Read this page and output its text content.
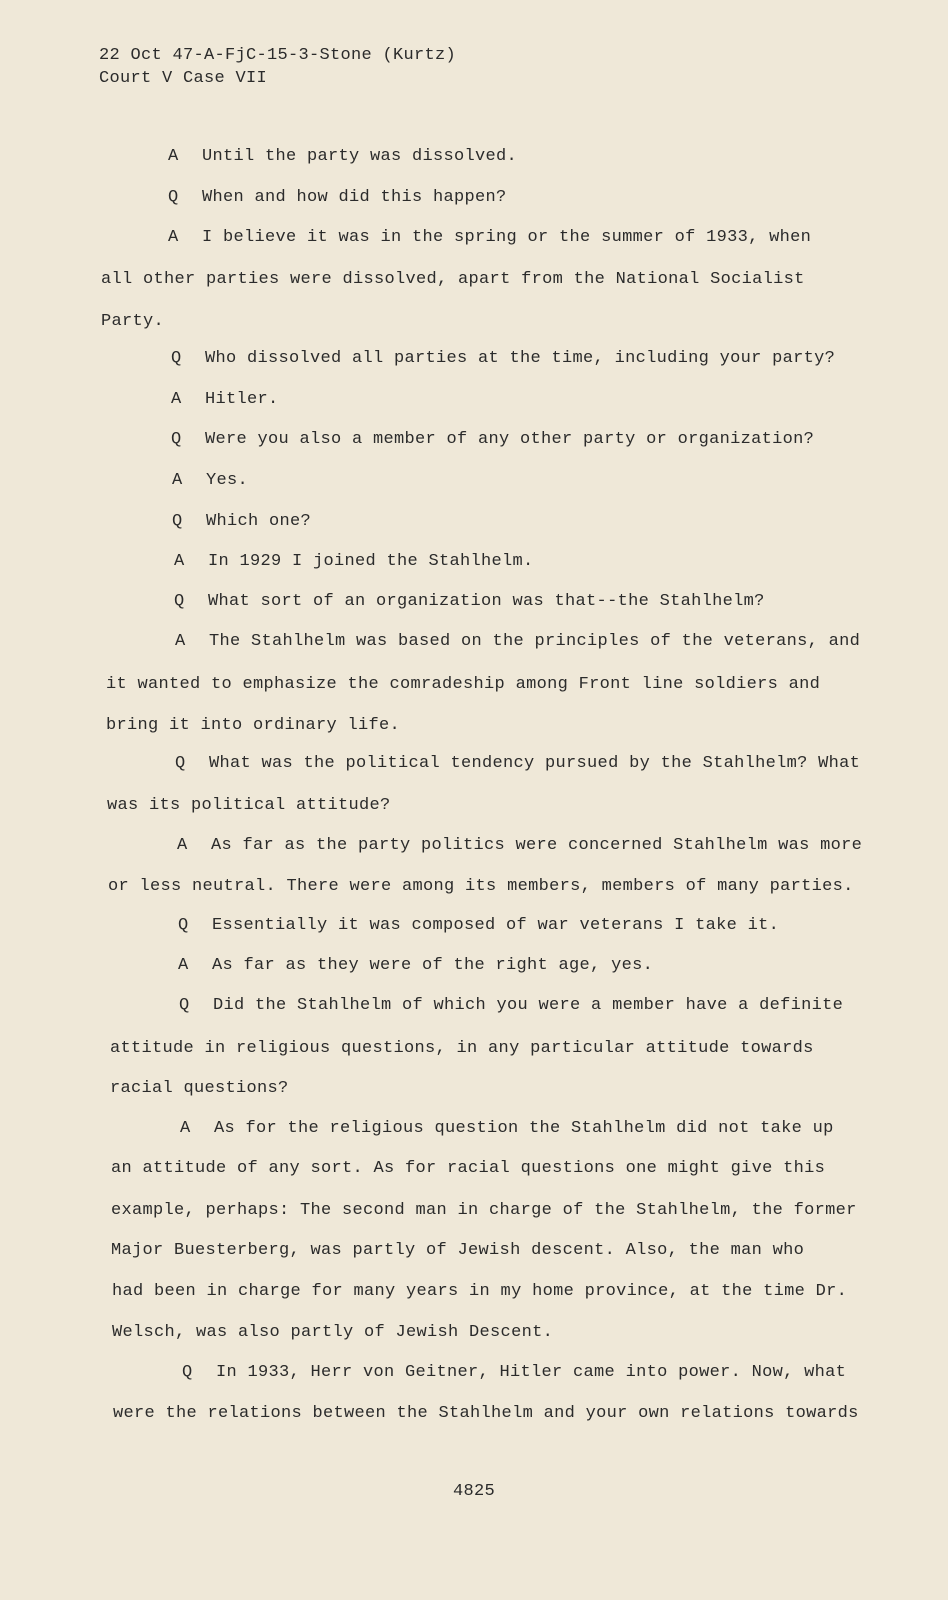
22 Oct 47-A-FjC-15-3-Stone (Kurtz)
Court V Case VII
A Until the party was dissolved.
Q When and how did this happen?
A I believe it was in the spring or the summer of 1933, when
all other parties were dissolved, apart from the National Socialist
Party.
Q Who dissolved all parties at the time, including your party?
A Hitler.
Q Were you also a member of any other party or organization?
A Yes.
Q Which one?
A In 1929 I joined the Stahlhelm.
Q What sort of an organization was that--the Stahlhelm?
A The Stahlhelm was based on the principles of the veterans, and
it wanted to emphasize the comradeship among Front line soldiers and
bring it into ordinary life.
Q What was the political tendency pursued by the Stahlhelm? What
was its political attitude?
A As far as the party politics were concerned Stahlhelm was more
or less neutral. There were among its members, members of many parties.
Q Essentially it was composed of war veterans I take it.
A As far as they were of the right age, yes.
Q Did the Stahlhelm of which you were a member have a definite
attitude in religious questions, in any particular attitude towards
racial questions?
A As for the religious question the Stahlhelm did not take up
an attitude of any sort. As for racial questions one might give this
example, perhaps: The second man in charge of the Stahlhelm, the former
Major Buesterberg, was partly of Jewish descent. Also, the man who
had been in charge for many years in my home province, at the time Dr.
Welsch, was also partly of Jewish Descent.
Q In 1933, Herr von Geitner, Hitler came into power. Now, what
were the relations between the Stahlhelm and your own relations towards
4825
